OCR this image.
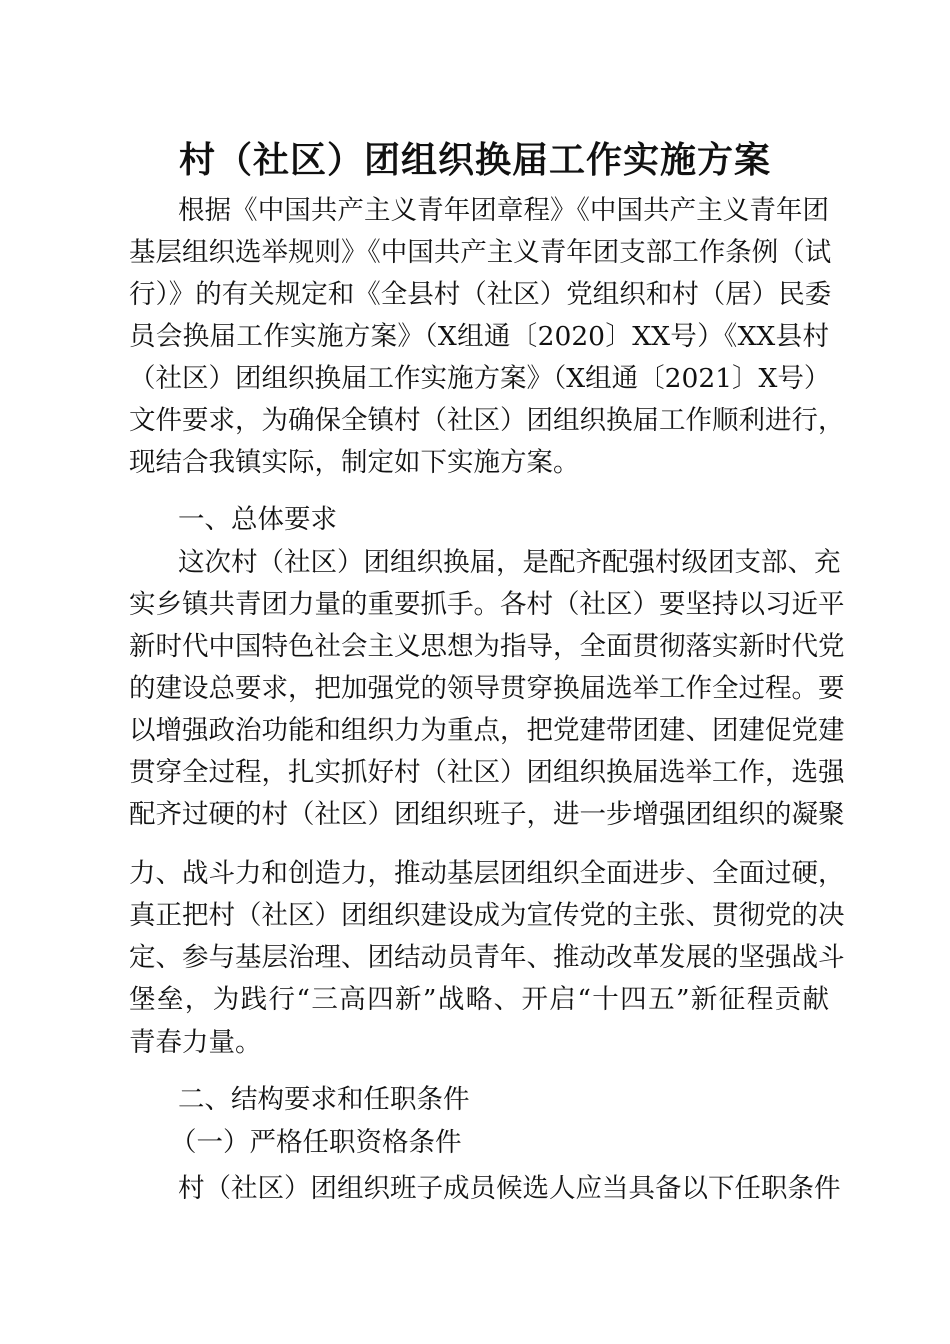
村（社区）团组织换届工作实施方案
根据《中国共产主义青年团章程》《中国共产主义青年团
基层组织选举规则》《中国共产主义青年团支部工作条例（试
行）》的有关规定和《全县村（社区）党组织和村（居）民委
员会换届工作实施方案》（X组通〔2020〕XX号）《XX县村
（社区）团组织换届工作实施方案》（X组通〔2021〕X号）
文件要求，为确保全镇村（社区）团组织换届工作顺利进行，
现结合我镇实际，制定如下实施方案。
一、总体要求
这次村（社区）团组织换届，是配齐配强村级团支部、充
实乡镇共青团力量的重要抓手。各村（社区）要坚持以习近平
新时代中国特色社会主义思想为指导，全面贯彻落实新时代党
的建设总要求，把加强党的领导贯穿换届选举工作全过程。要
以增强政治功能和组织力为重点，把党建带团建、团建促党建
贯穿全过程，扎实抓好村（社区）团组织换届选举工作，选强
配齐过硬的村（社区）团组织班子，进一步增强团组织的凝聚
力、战斗力和创造力，推动基层团组织全面进步、全面过硬，
真正把村（社区）团组织建设成为宣传党的主张、贯彻党的决
定、参与基层治理、团结动员青年、推动改革发展的坚强战斗
堡垒，为践行“三高四新”战略、开启“十四五”新征程贡献
青春力量。
二、结构要求和任职条件
（一）严格任职资格条件
村（社区）团组织班子成员候选人应当具备以下任职条件
